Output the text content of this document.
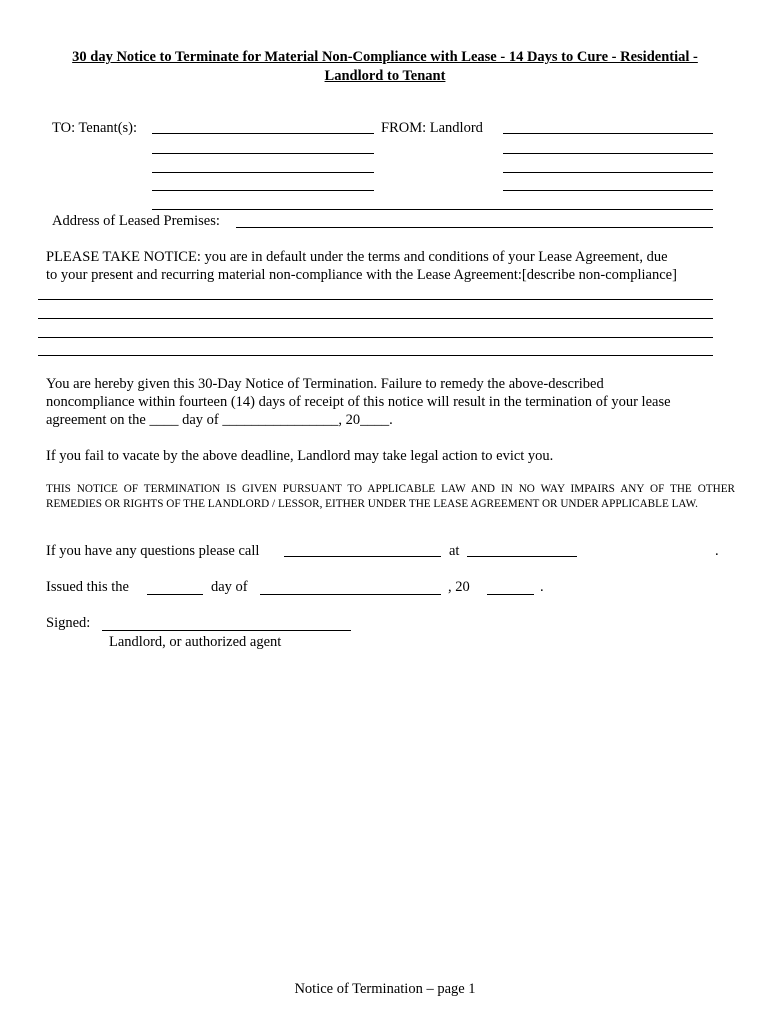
30 day Notice to Terminate for Material Non-Compliance with Lease - 14 Days to Cure - Residential -
Landlord to Tenant
TO: Tenant(s):	FROM: Landlord
Address of Leased Premises:
PLEASE TAKE NOTICE: you are in default under the terms and conditions of your Lease Agreement, due
to your present and recurring material non-compliance with the Lease Agreement:[describe non-compliance]
You are hereby given this 30-Day Notice of Termination. Failure to remedy the above-described
noncompliance within fourteen (14) days of receipt of this notice will result in the termination of your lease
agreement on the ____ day of ________________, 20____.
If you fail to vacate by the above deadline, Landlord may take legal action to evict you.
THIS NOTICE OF TERMINATION IS GIVEN PURSUANT TO APPLICABLE LAW AND IN NO WAY IMPAIRS ANY OF THE OTHER REMEDIES OR RIGHTS OF THE LANDLORD / LESSOR, EITHER UNDER THE LEASE AGREEMENT OR UNDER APPLICABLE LAW.
If you have any questions please call	at	.
Issued this the	day of	, 20	.
Signed:
Landlord, or authorized agent
Notice of Termination – page 1
